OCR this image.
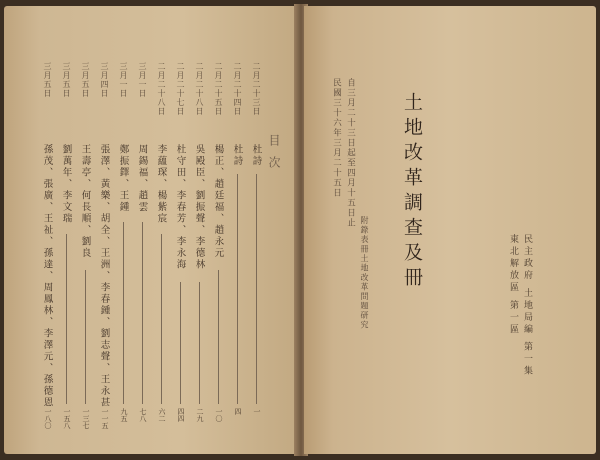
目次
二月二十三日
杜詩
一
二月二十四日
杜詩
四
二月二十五日
楊正、趙廷福、趙永元
一〇
二月二十八日
吳殿臣、劉振聲、李德林
二九
二月二十七日
杜守田、李春芳、李永海
四四
二月二十八日
李蘊琛、楊紫宸
六二
三月一日
周錫福、趙雲
七八
三月一日
鄭振鐸、王鍾
九五
三月四日
張澤、黃樂、胡全、王洲、李春鍾、劉志聲、王永甚
一一五
三月五日
王壽亭、何長順、劉良
一三七
三月五日
劉萬年、李文瑞
一五八
三月五日
孫茂、張廣、王祉、孫達、周鳳林、李澤元、孫德恩
一八〇
土地改革調查及冊
民國三十六年三月二十五日 自三月二十三日起至四月十五日止
附錄表冊土地改革問題研究	東北解放區 第一區 民主政府 土地局編 第一集
